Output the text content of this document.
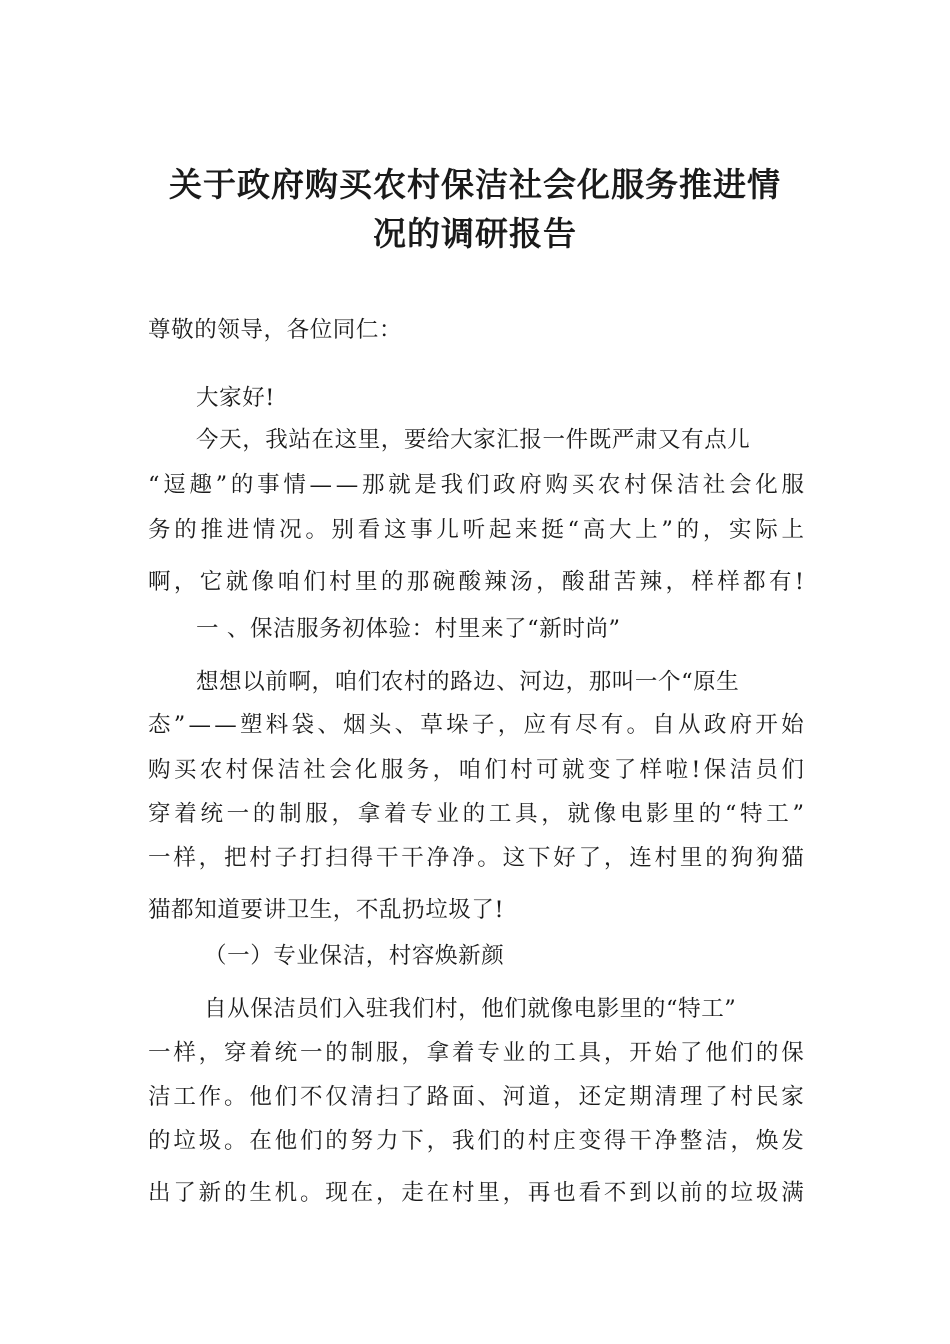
关于政府购买农村保洁社会化服务推进情
况的调研报告
尊敬的领导，各位同仁：
大家好!
今天，我站在这里，要给大家汇报一件既严肃又有点儿
“ 逗 趣 ” 的 事 情 — — 那 就 是 我 们 政 府 购 买 农 村 保 洁 社 会 化 服
务 的 推 进 情 况 。 别 看 这 事 儿 听 起 来 挺 “ 高 大 上 ” 的 ， 实 际 上
啊 ， 它 就 像 咱 们 村 里 的 那 碗 酸 辣 汤 ， 酸 甜 苦 辣 ， 样 样 都 有 !
一 、保洁服务初体验：村里来了“新时尚”
想想以前啊，咱们农村的路边、河边，那叫一个“原生
态 ” — — 塑 料 袋 、 烟 头 、 草 垛 子 ， 应 有 尽 有 。 自 从 政 府 开 始
购 买 农 村 保 洁 社 会 化 服 务 ， 咱 们 村 可 就 变 了 样 啦 ! 保 洁 员 们
穿 着 统 一 的 制 服 ， 拿 着 专 业 的 工 具 ， 就 像 电 影 里 的 “ 特 工 ”
一 样 ， 把 村 子 打 扫 得 干 干 净 净 。 这 下 好 了 ， 连 村 里 的 狗 狗 猫
猫都知道要讲卫生，不乱扔垃圾了!
（一）专业保洁，村容焕新颜
自从保洁员们入驻我们村，他们就像电影里的“特工”
一 样 ， 穿 着 统 一 的 制 服 ， 拿 着 专 业 的 工 具 ， 开 始 了 他 们 的 保
洁 工 作 。 他 们 不 仅 清 扫 了 路 面 、 河 道 ， 还 定 期 清 理 了 村 民 家
的 垃 圾 。 在 他 们 的 努 力 下 ， 我 们 的 村 庄 变 得 干 净 整 洁 ， 焕 发
出 了 新 的 生 机 。 现 在 ， 走 在 村 里 ， 再 也 看 不 到 以 前 的 垃 圾 满
